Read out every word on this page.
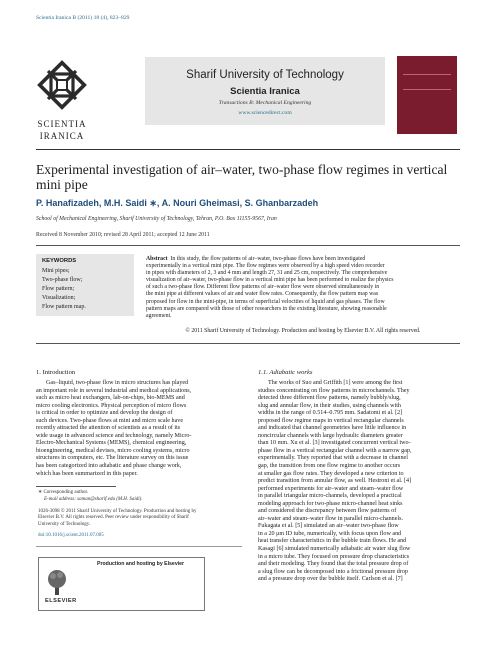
Scientia Iranica B (2011) 18 (4), 823–829
SCIENTIA
IRANICA
Sharif University of Technology
Scientia Iranica
Transactions B: Mechanical Engineering
www.sciencedirect.com
Experimental investigation of air–water, two-phase flow regimes in vertical mini pipe
P. Hanafizadeh, M.H. Saidi ∗, A. Nouri Gheimasi, S. Ghanbarzadeh
School of Mechanical Engineering, Sharif University of Technology, Tehran, P.O. Box 11155-9567, Iran
Received 8 November 2010; revised 28 April 2011; accepted 12 June 2011
KEYWORDS
Mini pipes;
Two-phase flow;
Flow pattern;
Visualization;
Flow pattern map.
Abstract In this study, the flow patterns of air–water, two-phase flows have been investigated
experimentally in a vertical mini pipe. The flow regimes were observed by a high speed video recorder
in pipes with diameters of 2, 3 and 4 mm and length 27, 31 and 25 cm, respectively. The comprehensive
visualization of air–water, two-phase flow in a vertical mini pipe has been performed to realize the physics
of such a two-phase flow. Different flow patterns of air–water flow were observed simultaneously in
the mini pipe at different values of air and water flow rates. Consequently, the flow pattern map was
proposed for flow in the mini-pipe, in terms of superficial velocities of liquid and gas phases. The flow
pattern maps are compared with those of other researchers in the existing literature, showing reasonable
agreement.
© 2011 Sharif University of Technology. Production and hosting by Elsevier B.V. All rights reserved.
1. Introduction
Gas–liquid, two-phase flow in micro structures has played
an important role in several industrial and medical applications,
such as micro heat exchangers, lab-on-chips, bio-MEMS and
micro cooling electronics. Physical perception of micro flows
is critical in order to optimize and develop the design of
such devices. Two-phase flows at mini and micro scale have
recently attracted the attention of scientists as a result of its
wide usage in advanced science and technology, namely Micro-
Electro-Mechanical Systems (MEMS), chemical engineering,
bioengineering, medical devises, micro cooling systems, micro
structures in computers, etc. The literature survey on this issue
has been categorized into adiabatic and phase change work,
which has been summarized in this paper.
∗ Corresponding author.
E-mail address: saman@sharif.edu (M.H. Saidi).
1026-3098 © 2011 Sharif University of Technology. Production and hosting by
Elsevier B.V. All rights reserved. Peer review under responsibility of Sharif
University of Technology.
doi:10.1016/j.scient.2011.07.005
Production and hosting by Elsevier
ELSEVIER
1.1. Adiabatic works
The works of Suo and Griffith [1] were among the first
studies concentrating on flow patterns in microchannels. They
detected three different flow patterns, namely bubbly/slug,
slug and annular flow, in their studies, using channels with
widths in the range of 0.514–0.795 mm. Sadatomi et al. [2]
proposed flow regime maps in vertical rectangular channels
and indicated that channel geometries have little influence in
noncircular channels with large hydraulic diameters greater
than 10 mm. Xu et al. [3] investigated concurrent vertical two-
phase flow in a vertical rectangular channel with a narrow gap,
experimentally. They reported that with a decrease in channel
gap, the transition from one flow regime to another occurs
at smaller gas flow rates. They developed a new criterion to
predict transition from annular flow, as well. Hestroni et al. [4]
performed experiments for air–water and steam–water flow
in parallel triangular micro-channels, developed a practical
modeling approach for two-phase micro-channel heat sinks
and considered the discrepancy between flow patterns of
air–water and steam–water flow in parallel micro-channels.
Fukagata et al. [5] simulated an air–water two-phase flow
in a 20 μm ID tube, numerically, with focus upon flow and
heat transfer characteristics in the bubble train flows. He and
Kasagi [6] simulated numerically adiabatic air water slug flow
in a micro tube. They focused on pressure drop characteristics
and their modeling. They found that the total pressure drop of
a slug flow can be decomposed into a frictional pressure drop
and a pressure drop over the bubble itself. Carlson et al. [7]
